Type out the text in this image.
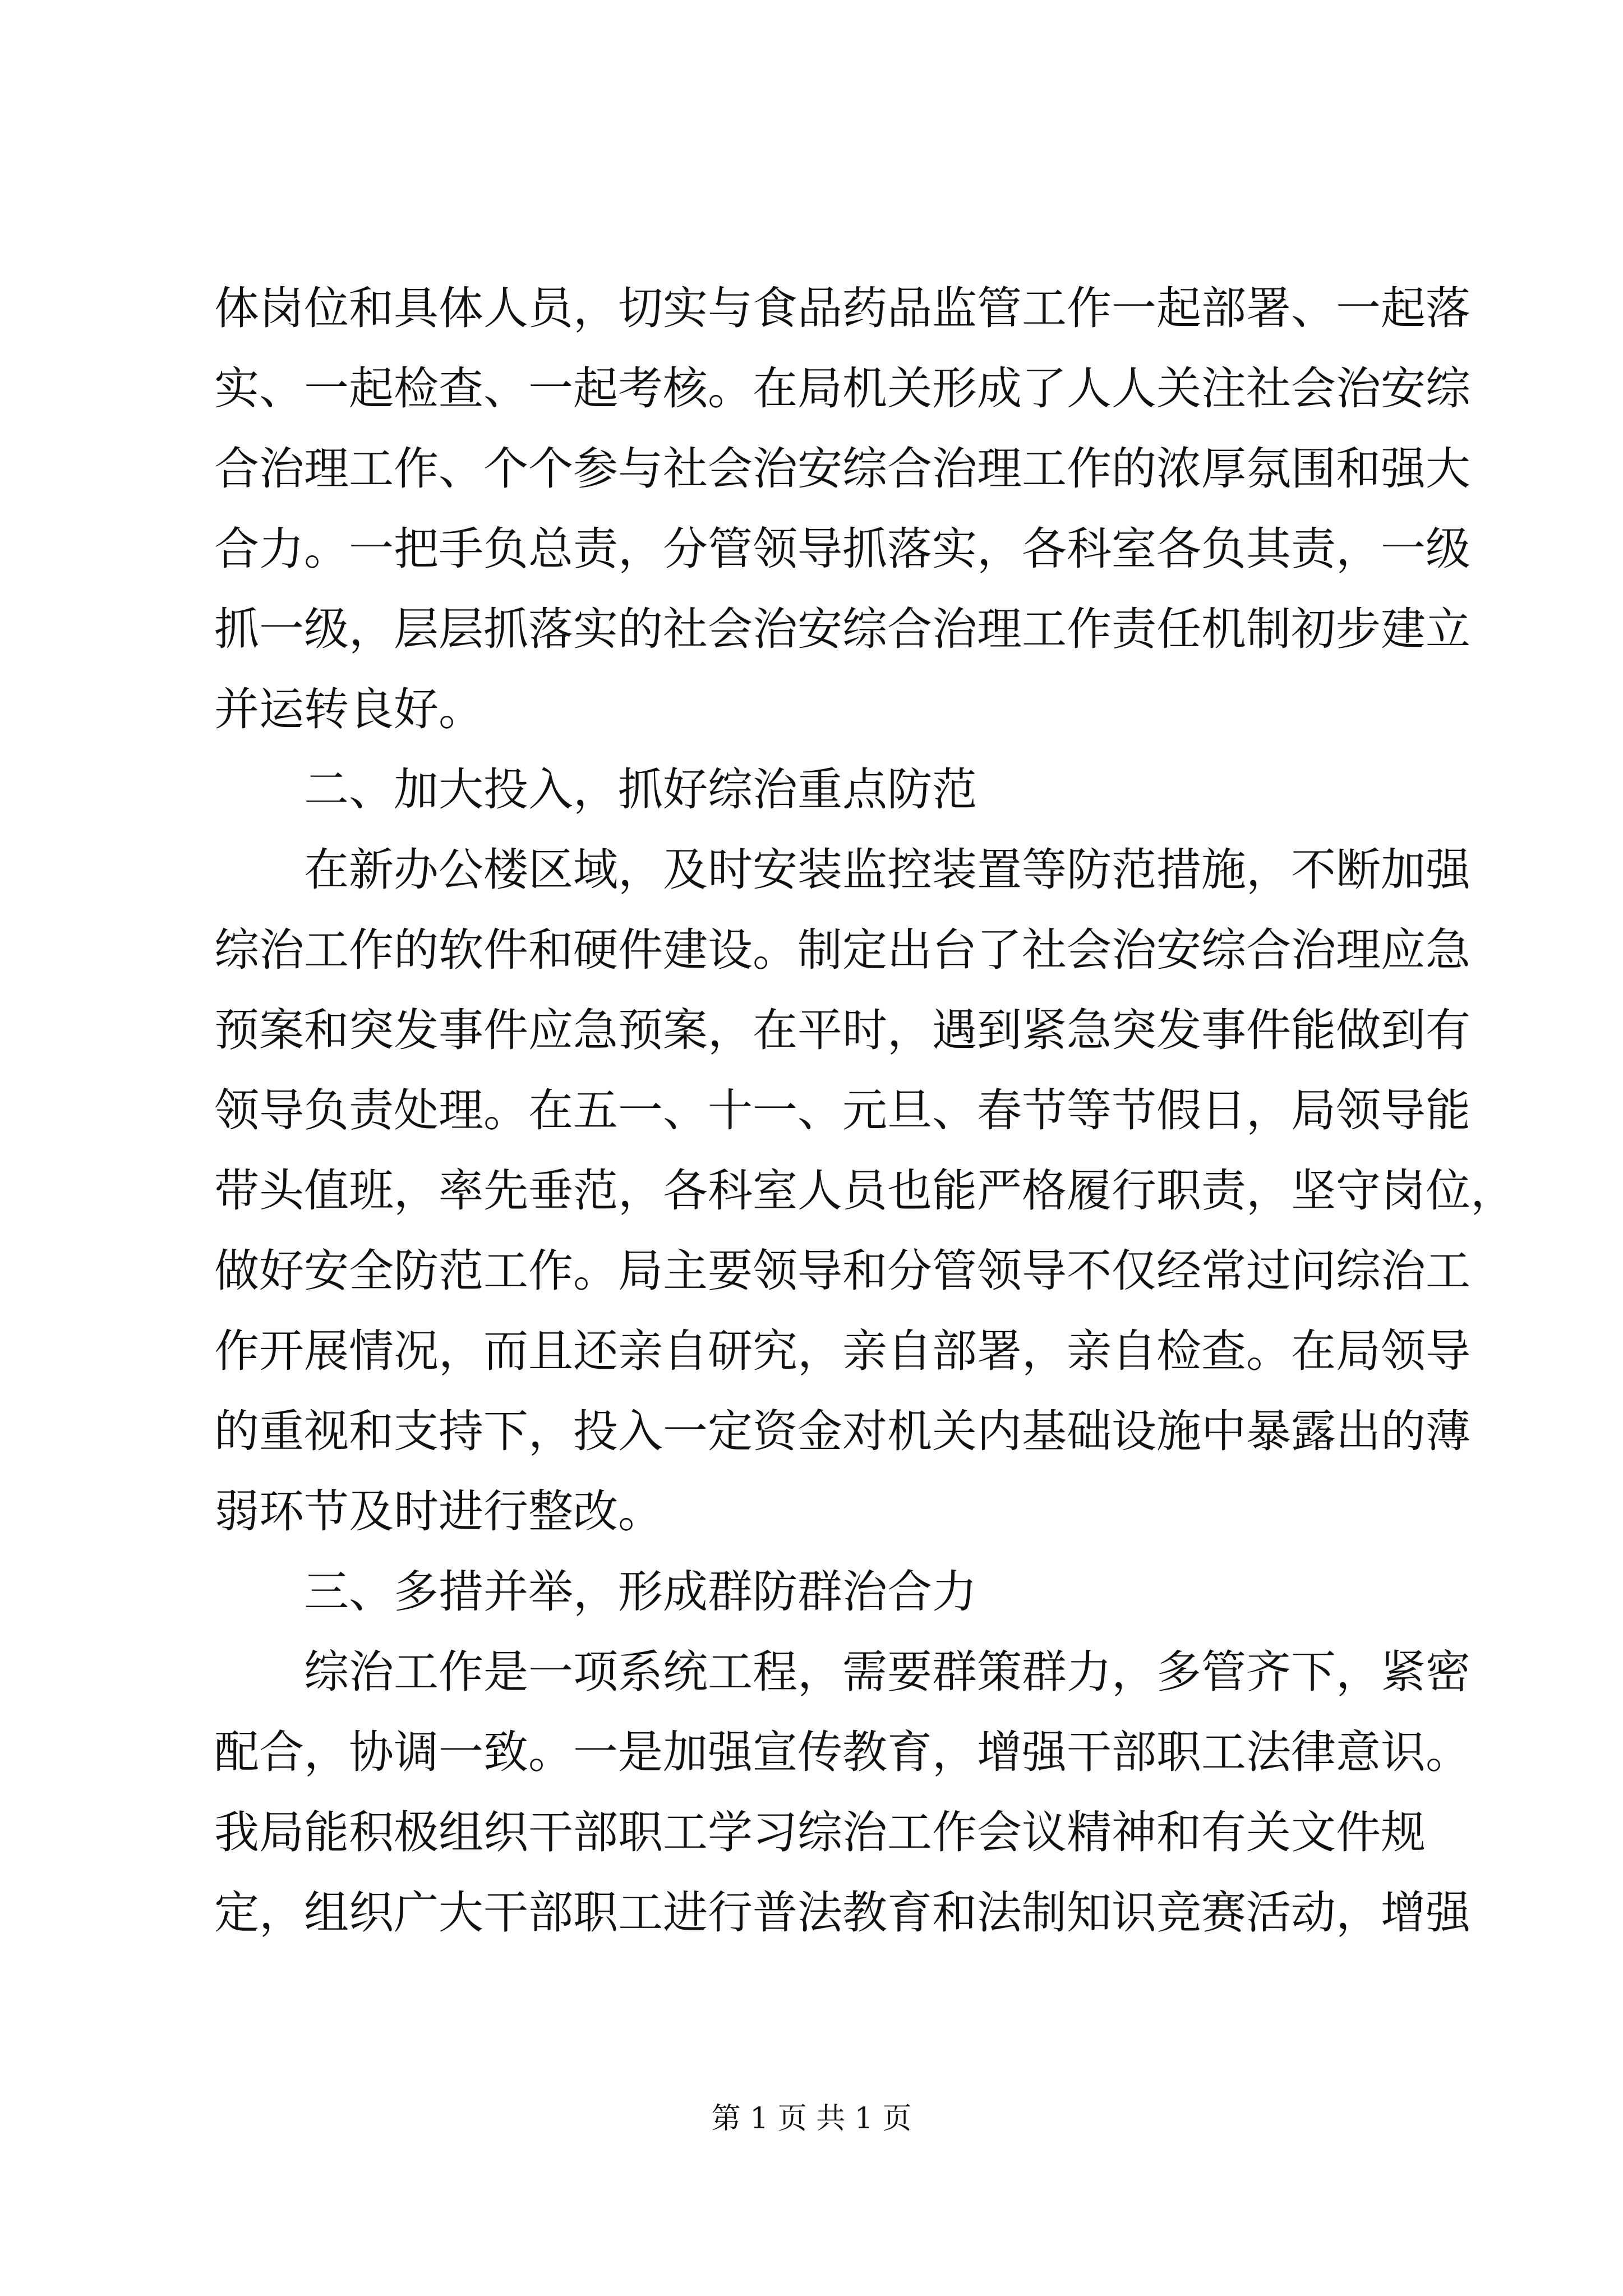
体岗位和具体人员，切实与食品药品监管工作一起部署、一起落
实、一起检查、一起考核。在局机关形成了人人关注社会治安综
合治理工作、个个参与社会治安综合治理工作的浓厚氛围和强大
合力。一把手负总责，分管领导抓落实，各科室各负其责，一级
抓一级，层层抓落实的社会治安综合治理工作责任机制初步建立
并运转良好。
二、加大投入，抓好综治重点防范
在新办公楼区域，及时安装监控装置等防范措施，不断加强
综治工作的软件和硬件建设。制定出台了社会治安综合治理应急
预案和突发事件应急预案，在平时，遇到紧急突发事件能做到有
领导负责处理。在五一、十一、元旦、春节等节假日，局领导能
带头值班，率先垂范，各科室人员也能严格履行职责，坚守岗位，
做好安全防范工作。局主要领导和分管领导不仅经常过问综治工
作开展情况，而且还亲自研究，亲自部署，亲自检查。在局领导
的重视和支持下，投入一定资金对机关内基础设施中暴露出的薄
弱环节及时进行整改。
三、多措并举，形成群防群治合力
综治工作是一项系统工程，需要群策群力，多管齐下，紧密
配合，协调一致。一是加强宣传教育，增强干部职工法律意识。
我局能积极组织干部职工学习综治工作会议精神和有关文件规
定，组织广大干部职工进行普法教育和法制知识竞赛活动，增强
第 1 页 共 1 页
